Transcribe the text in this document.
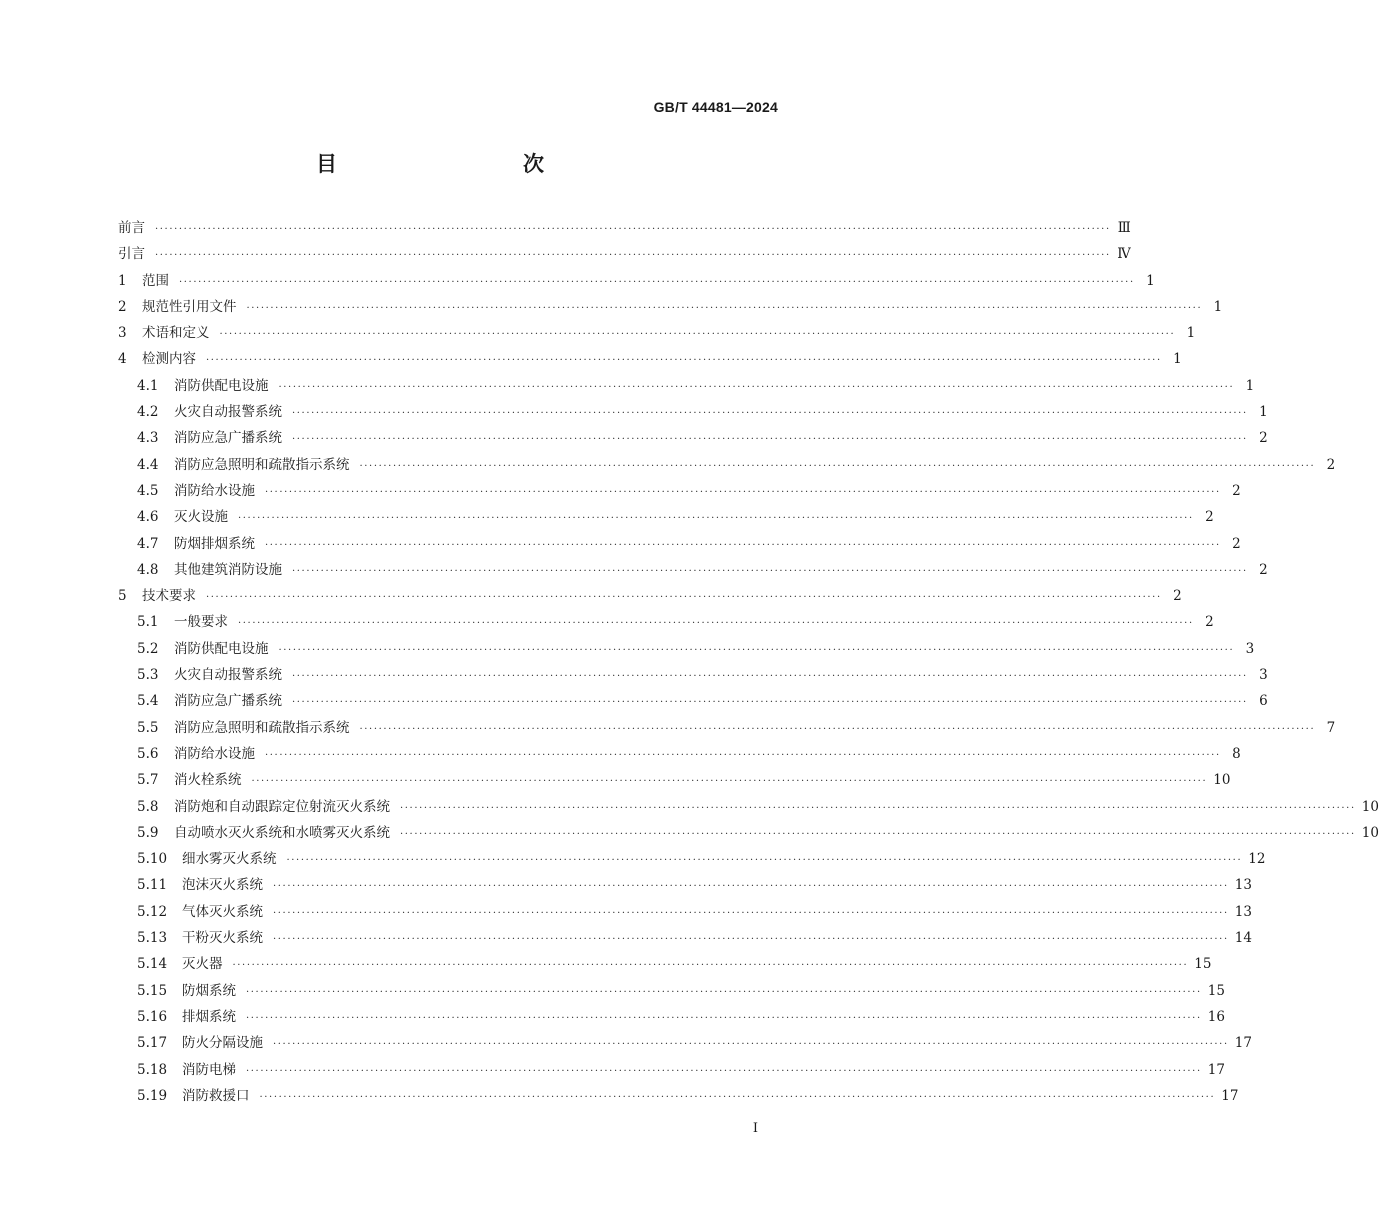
GB/T 44481—2024
目　　次
前言	········································································································································································································ Ⅲ
引言	········································································································································································································ Ⅳ
1	范围	········································································································································································································ 1
2	规范性引用文件	········································································································································································································ 1
3	术语和定义	········································································································································································································ 1
4	检测内容	········································································································································································································ 1
4.1	消防供配电设施	········································································································································································································ 1
4.2	火灾自动报警系统	········································································································································································································ 1
4.3	消防应急广播系统	········································································································································································································ 2
4.4	消防应急照明和疏散指示系统	········································································································································································································ 2
4.5	消防给水设施	········································································································································································································ 2
4.6	灭火设施	········································································································································································································ 2
4.7	防烟排烟系统	········································································································································································································ 2
4.8	其他建筑消防设施	········································································································································································································ 2
5	技术要求	········································································································································································································ 2
5.1	一般要求	········································································································································································································ 2
5.2	消防供配电设施	········································································································································································································ 3
5.3	火灾自动报警系统	········································································································································································································ 3
5.4	消防应急广播系统	········································································································································································································ 6
5.5	消防应急照明和疏散指示系统	········································································································································································································ 7
5.6	消防给水设施	········································································································································································································ 8
5.7	消火栓系统	········································································································································································································ 10
5.8	消防炮和自动跟踪定位射流灭火系统	········································································································································································································ 10
5.9	自动喷水灭火系统和水喷雾灭火系统	········································································································································································································ 10
5.10	细水雾灭火系统	········································································································································································································ 12
5.11	泡沫灭火系统	········································································································································································································ 13
5.12	气体灭火系统	········································································································································································································ 13
5.13	干粉灭火系统	········································································································································································································ 14
5.14	灭火器	········································································································································································································ 15
5.15	防烟系统	········································································································································································································ 15
5.16	排烟系统	········································································································································································································ 16
5.17	防火分隔设施	········································································································································································································ 17
5.18	消防电梯	········································································································································································································ 17
5.19	消防救援口	········································································································································································································ 17
I
